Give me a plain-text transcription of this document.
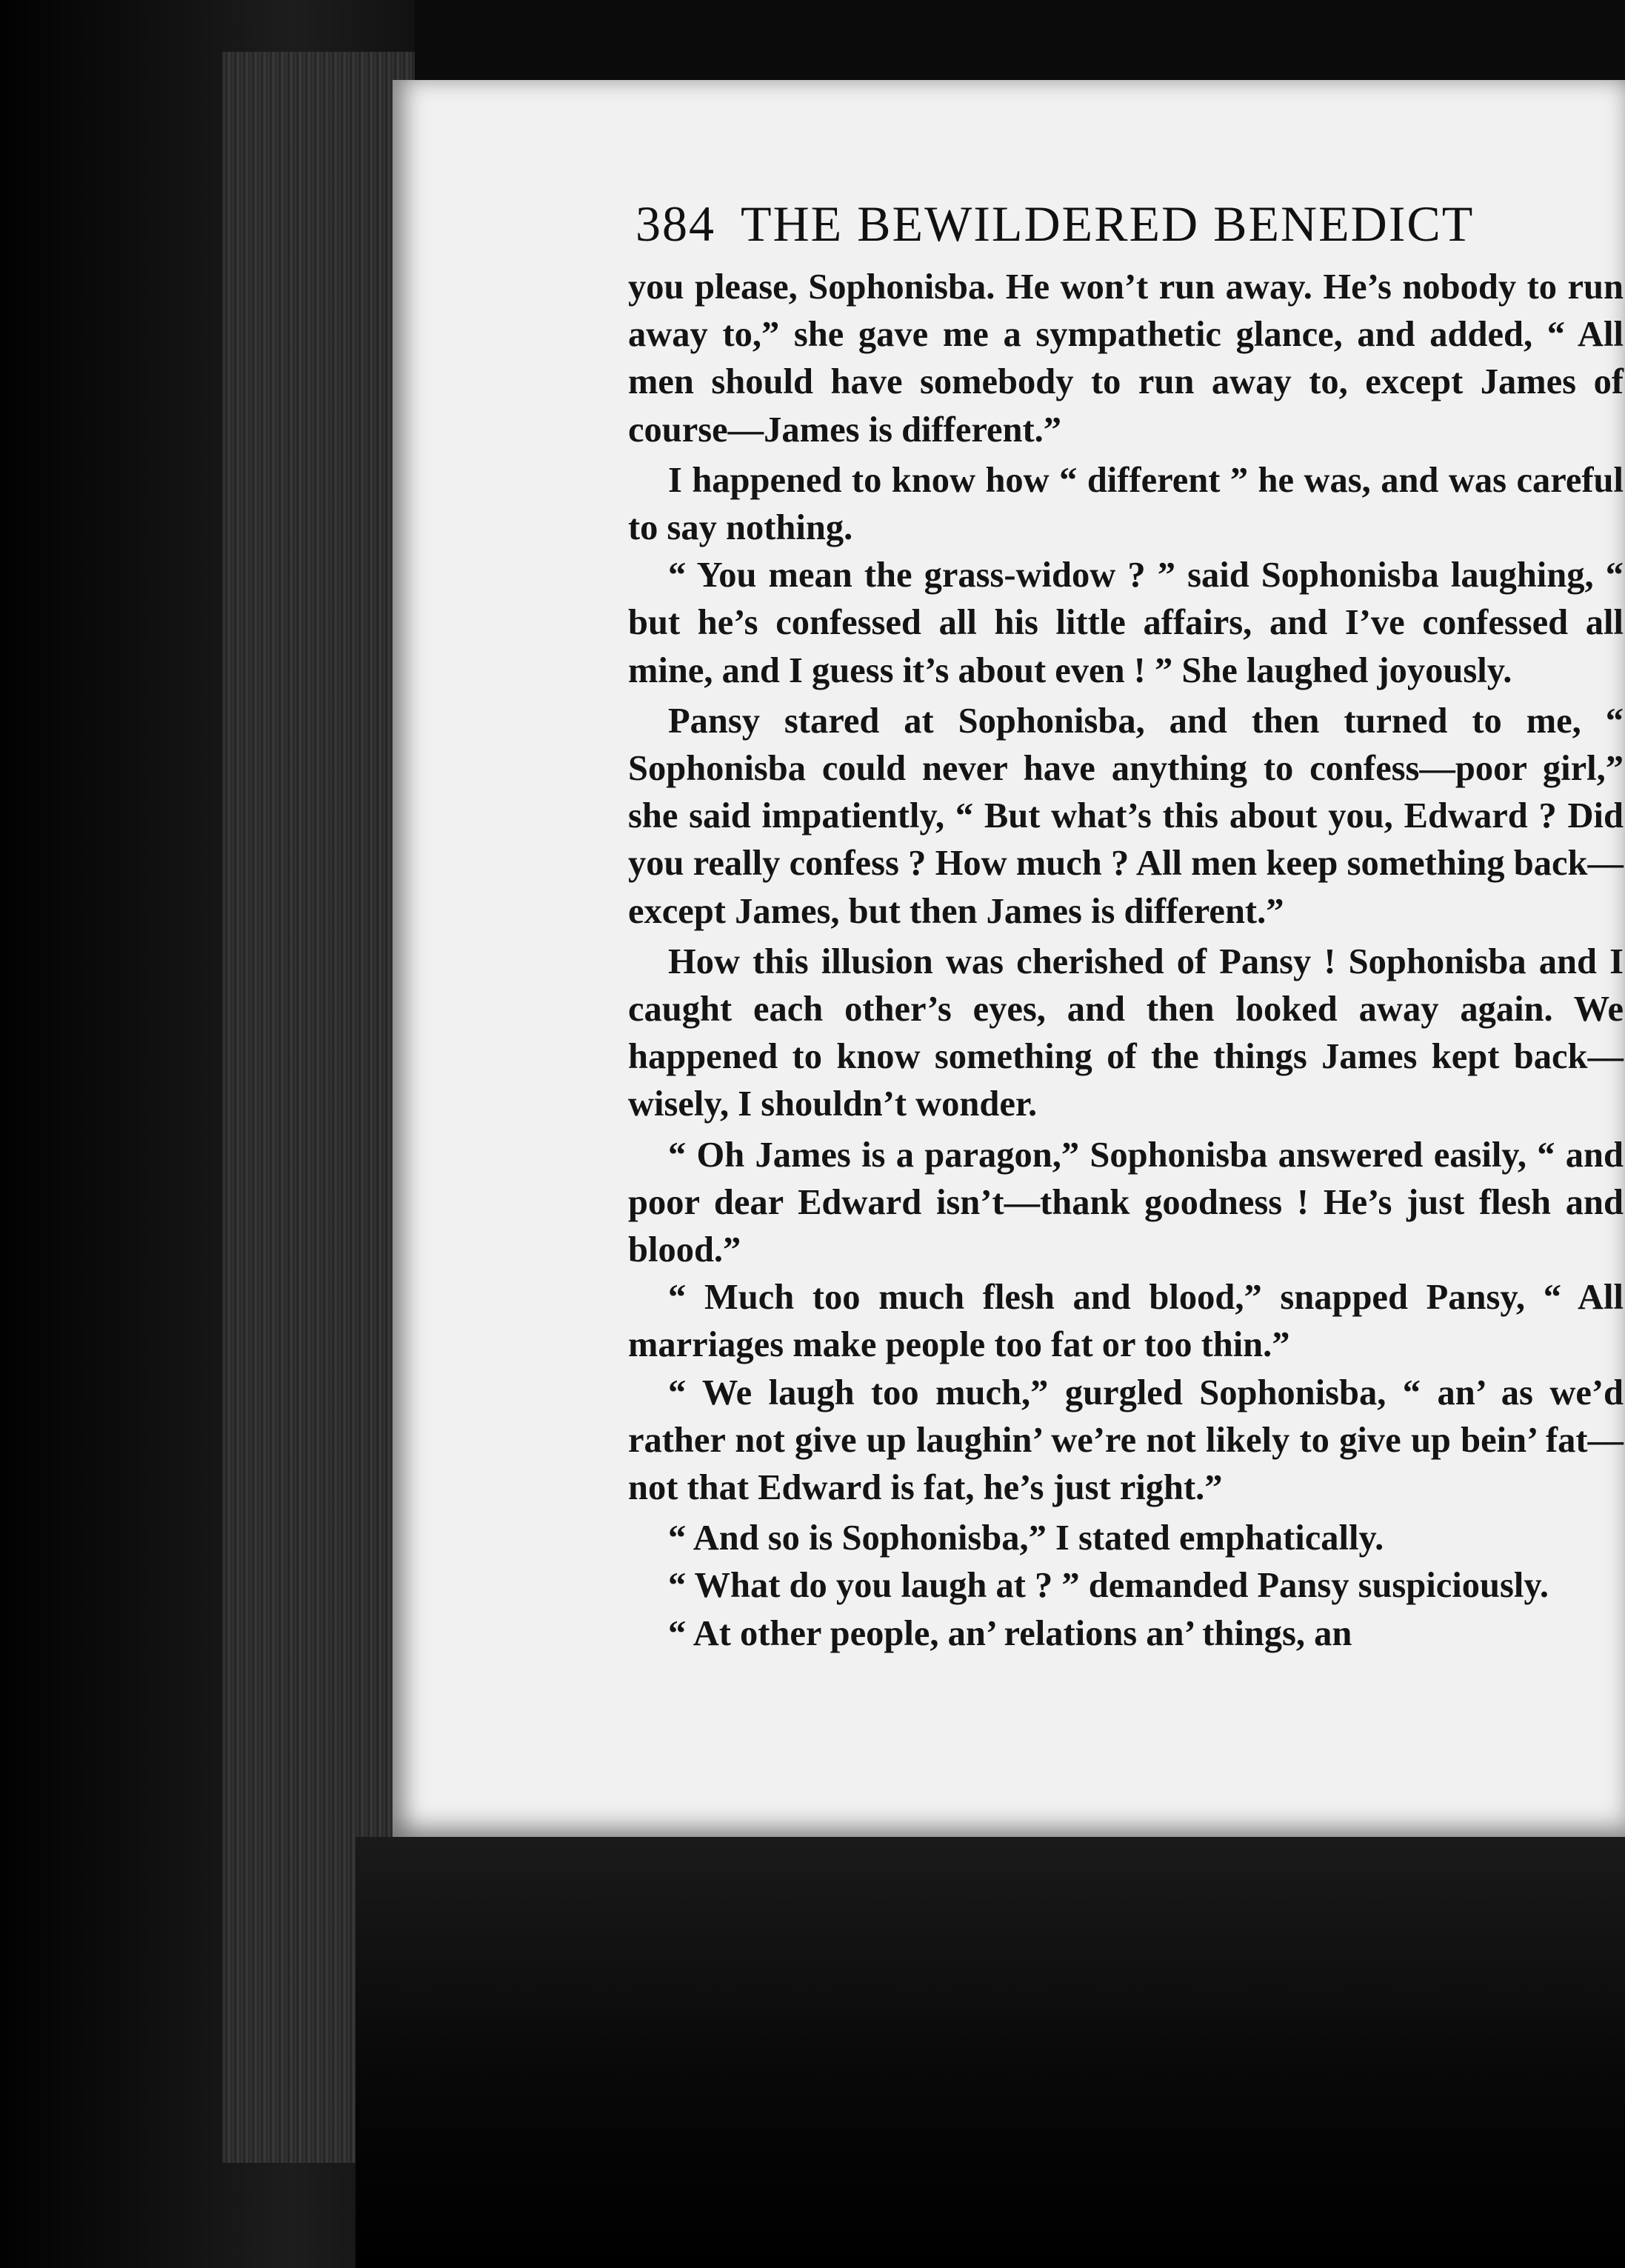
384 THE BEWILDERED BENEDICT

you please, Sophonisba. He won’t run away. He’s nobody to run away to,” she gave me a sympathetic glance, and added, “ All men should have somebody to run away to, except James of course—James is different.”

I happened to know how “ different ” he was, and was careful to say nothing.

“ You mean the grass-widow ? ” said Sophonisba laughing, “ but he’s confessed all his little affairs, and I’ve confessed all mine, and I guess it’s about even ! ” She laughed joyously.

Pansy stared at Sophonisba, and then turned to me, “ Sophonisba could never have anything to confess—poor girl,” she said impatiently, “ But what’s this about you, Edward ? Did you really confess ? How much ? All men keep something back—except James, but then James is different.”

How this illusion was cherished of Pansy ! Sophonisba and I caught each other’s eyes, and then looked away again. We happened to know something of the things James kept back—wisely, I shouldn’t wonder.

“ Oh James is a paragon,” Sophonisba answered easily, “ and poor dear Edward isn’t—thank goodness ! He’s just flesh and blood.”

“ Much too much flesh and blood,” snapped Pansy, “ All marriages make people too fat or too thin.”

“ We laugh too much,” gurgled Sophonisba, “ an’ as we’d rather not give up laughin’ we’re not likely to give up bein’ fat—not that Edward is fat, he’s just right.”

“ And so is Sophonisba,” I stated emphatically.

“ What do you laugh at ? ” demanded Pansy suspiciously.

“ At other people, an’ relations an’ things, an
